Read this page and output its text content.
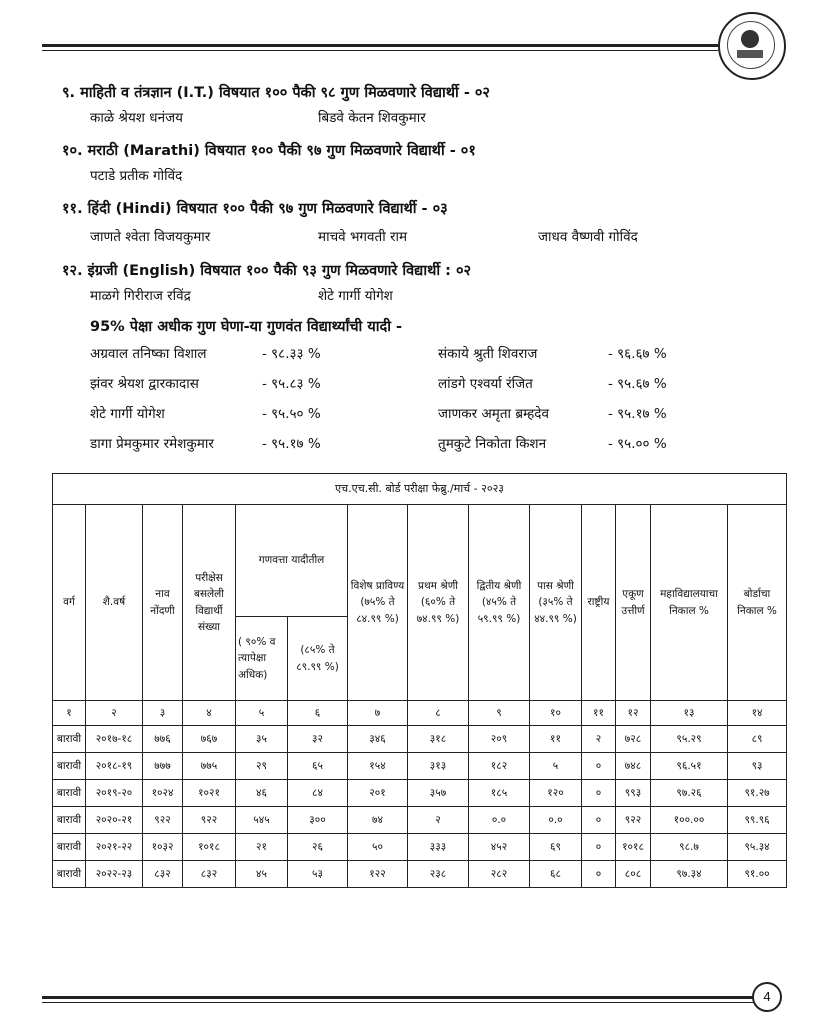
९. माहिती व तंत्रज्ञान (I.T.) विषयात १०० पैकी ९८ गुण मिळवणारे विद्यार्थी - ०२
काळे श्रेयश धनंजय	बिडवे केतन शिवकुमार
१०. मराठी (Marathi) विषयात १०० पैकी ९७ गुण मिळवणारे विद्यार्थी - ०१
पटाडे प्रतीक गोविंद
११. हिंदी (Hindi) विषयात १०० पैकी ९७ गुण मिळवणारे विद्यार्थी - ०३
जाणते श्वेता विजयकुमार	माचवे भगवती राम	जाधव वैष्णवी गोविंद
१२. इंग्रजी (English) विषयात १०० पैकी ९३ गुण मिळवणारे विद्यार्थी : ०२
माळगे गिरीराज रविंद्र	शेटे गार्गी योगेश
95% पेक्षा अधीक गुण घेणा-या गुणवंत विद्यार्थ्यांची यादी -
अग्रवाल तनिष्का विशाल	- ९८.३३ %	संकाये श्रुती शिवराज	- ९६.६७ %
झंवर श्रेयश द्वारकादास	- ९५.८३ %	लांडगे एश्वर्या रंजित	- ९५.६७ %
शेटे गार्गी योगेश	- ९५.५० %	जाणकर अमृता ब्रम्हदेव	- ९५.१७ %
डागा प्रेमकुमार रमेशकुमार	- ९५.१७ %	तुमकुटे निकोता किशन	- ९५.०० %
एच.एच.सी. बोर्ड परीक्षा फेब्रु./मार्च - २०२३													
वर्ग	शै.वर्ष	नाव नोंदणी	परीक्षेस बसलेली विद्यार्थी संख्या	गणवत्ता यादीतील		विशेष प्राविण्य (७५% ते ८४.९९ %)	प्रथम श्रेणी (६०% ते ७४.९९ %)	द्वितीय श्रेणी (४५% ते ५९.९९ %)	पास श्रेणी (३५% ते ४४.९९ %)	राष्ट्रीय	एकूण उत्तीर्ण	महाविद्यालयाचा निकाल %	बोर्डाचा निकाल %
				( ९०% व त्यापेक्षा अधिक)	(८५% ते ८९.९९ %)								
१	२	३	४	५	६	७	८	९	१०	११	१२	१३	१४
बारावी	२०१७-१८	७७६	७६७	३५	३२	३४६	३१८	२०९	११	२	७२८	९५.२९	८९
बारावी	२०१८-१९	७७७	७७५	२९	६५	१५४	३१३	१८२	५	०	७४८	९६.५१	९३
बारावी	२०१९-२०	१०२४	१०२१	४६	८४	२०१	३५७	१८५	१२०	०	९९३	९७.२६	९१.२७
बारावी	२०२०-२१	९२२	९२२	५४५	३००	७४	२	०.०	०.०	०	९२२	१००.००	९९.९६
बारावी	२०२१-२२	१०३२	१०१८	२१	२६	५०	३३३	४५२	६९	०	१०१८	९८.७	९५.३४
बारावी	२०२२-२३	८३२	८३२	४५	५३	१२२	२३८	२८२	६८	०	८०८	९७.३४	९१.००
4
